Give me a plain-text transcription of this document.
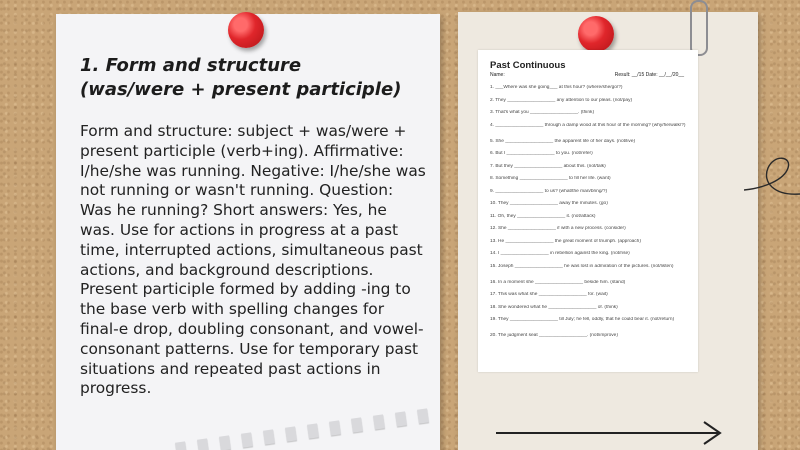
1. Form and structure (was/were + present participle)

Form and structure: subject + was/were + present participle (verb+ing). Affirmative: I/he/she was running. Negative: I/he/she was not running or wasn't running. Question: Was he running? Short answers: Yes, he was. Use for actions in progress at a past time, interrupted actions, simultaneous past actions, and background descriptions. Present participle formed by adding -ing to the base verb with spelling changes for final-e drop, doubling consonant, and vowel-consonant patterns. Use for temporary past situations and repeated past actions in progress.

Past Continuous
Name:	Result: __/15 Date: __/__/20__
1. ___Where was she going___ at this hour? (where/she/go/?)
2. They __________________ any attention to our pleas. (not/pay)
3. That's what you __________________. (think)
4. __________________ through a damp wood at this hour of the morning? (why/he/walk/?)
5. She __________________ the apparent life of her days. (not/live)
6. But I __________________ to you. (not/refer)
7. But they __________________ about this. (not/talk)
8. Something __________________ to fill her life. (want)
9. __________________ to us? (what/the man/bring/?)
10. They __________________ away the minutes. (go)
11. Oh, they __________________ it. (not/attack)
12. She __________________ if with a new process. (consider)
13. He __________________ the great moment of triumph. (approach)
14. I __________________ in rebellion against the king. (not/rise)
15. Joseph __________________ he was lost in admiration of the pictures. (not/listen)
16. In a moment she __________________ beside him. (stand)
17. This was what she __________________ for. (wait)
18. She wondered what he __________________ of. (think)
19. They __________________ till July; he fell, oddly, that he could bear it. (not/return)
20. The judgment seat __________________. (not/improve)
